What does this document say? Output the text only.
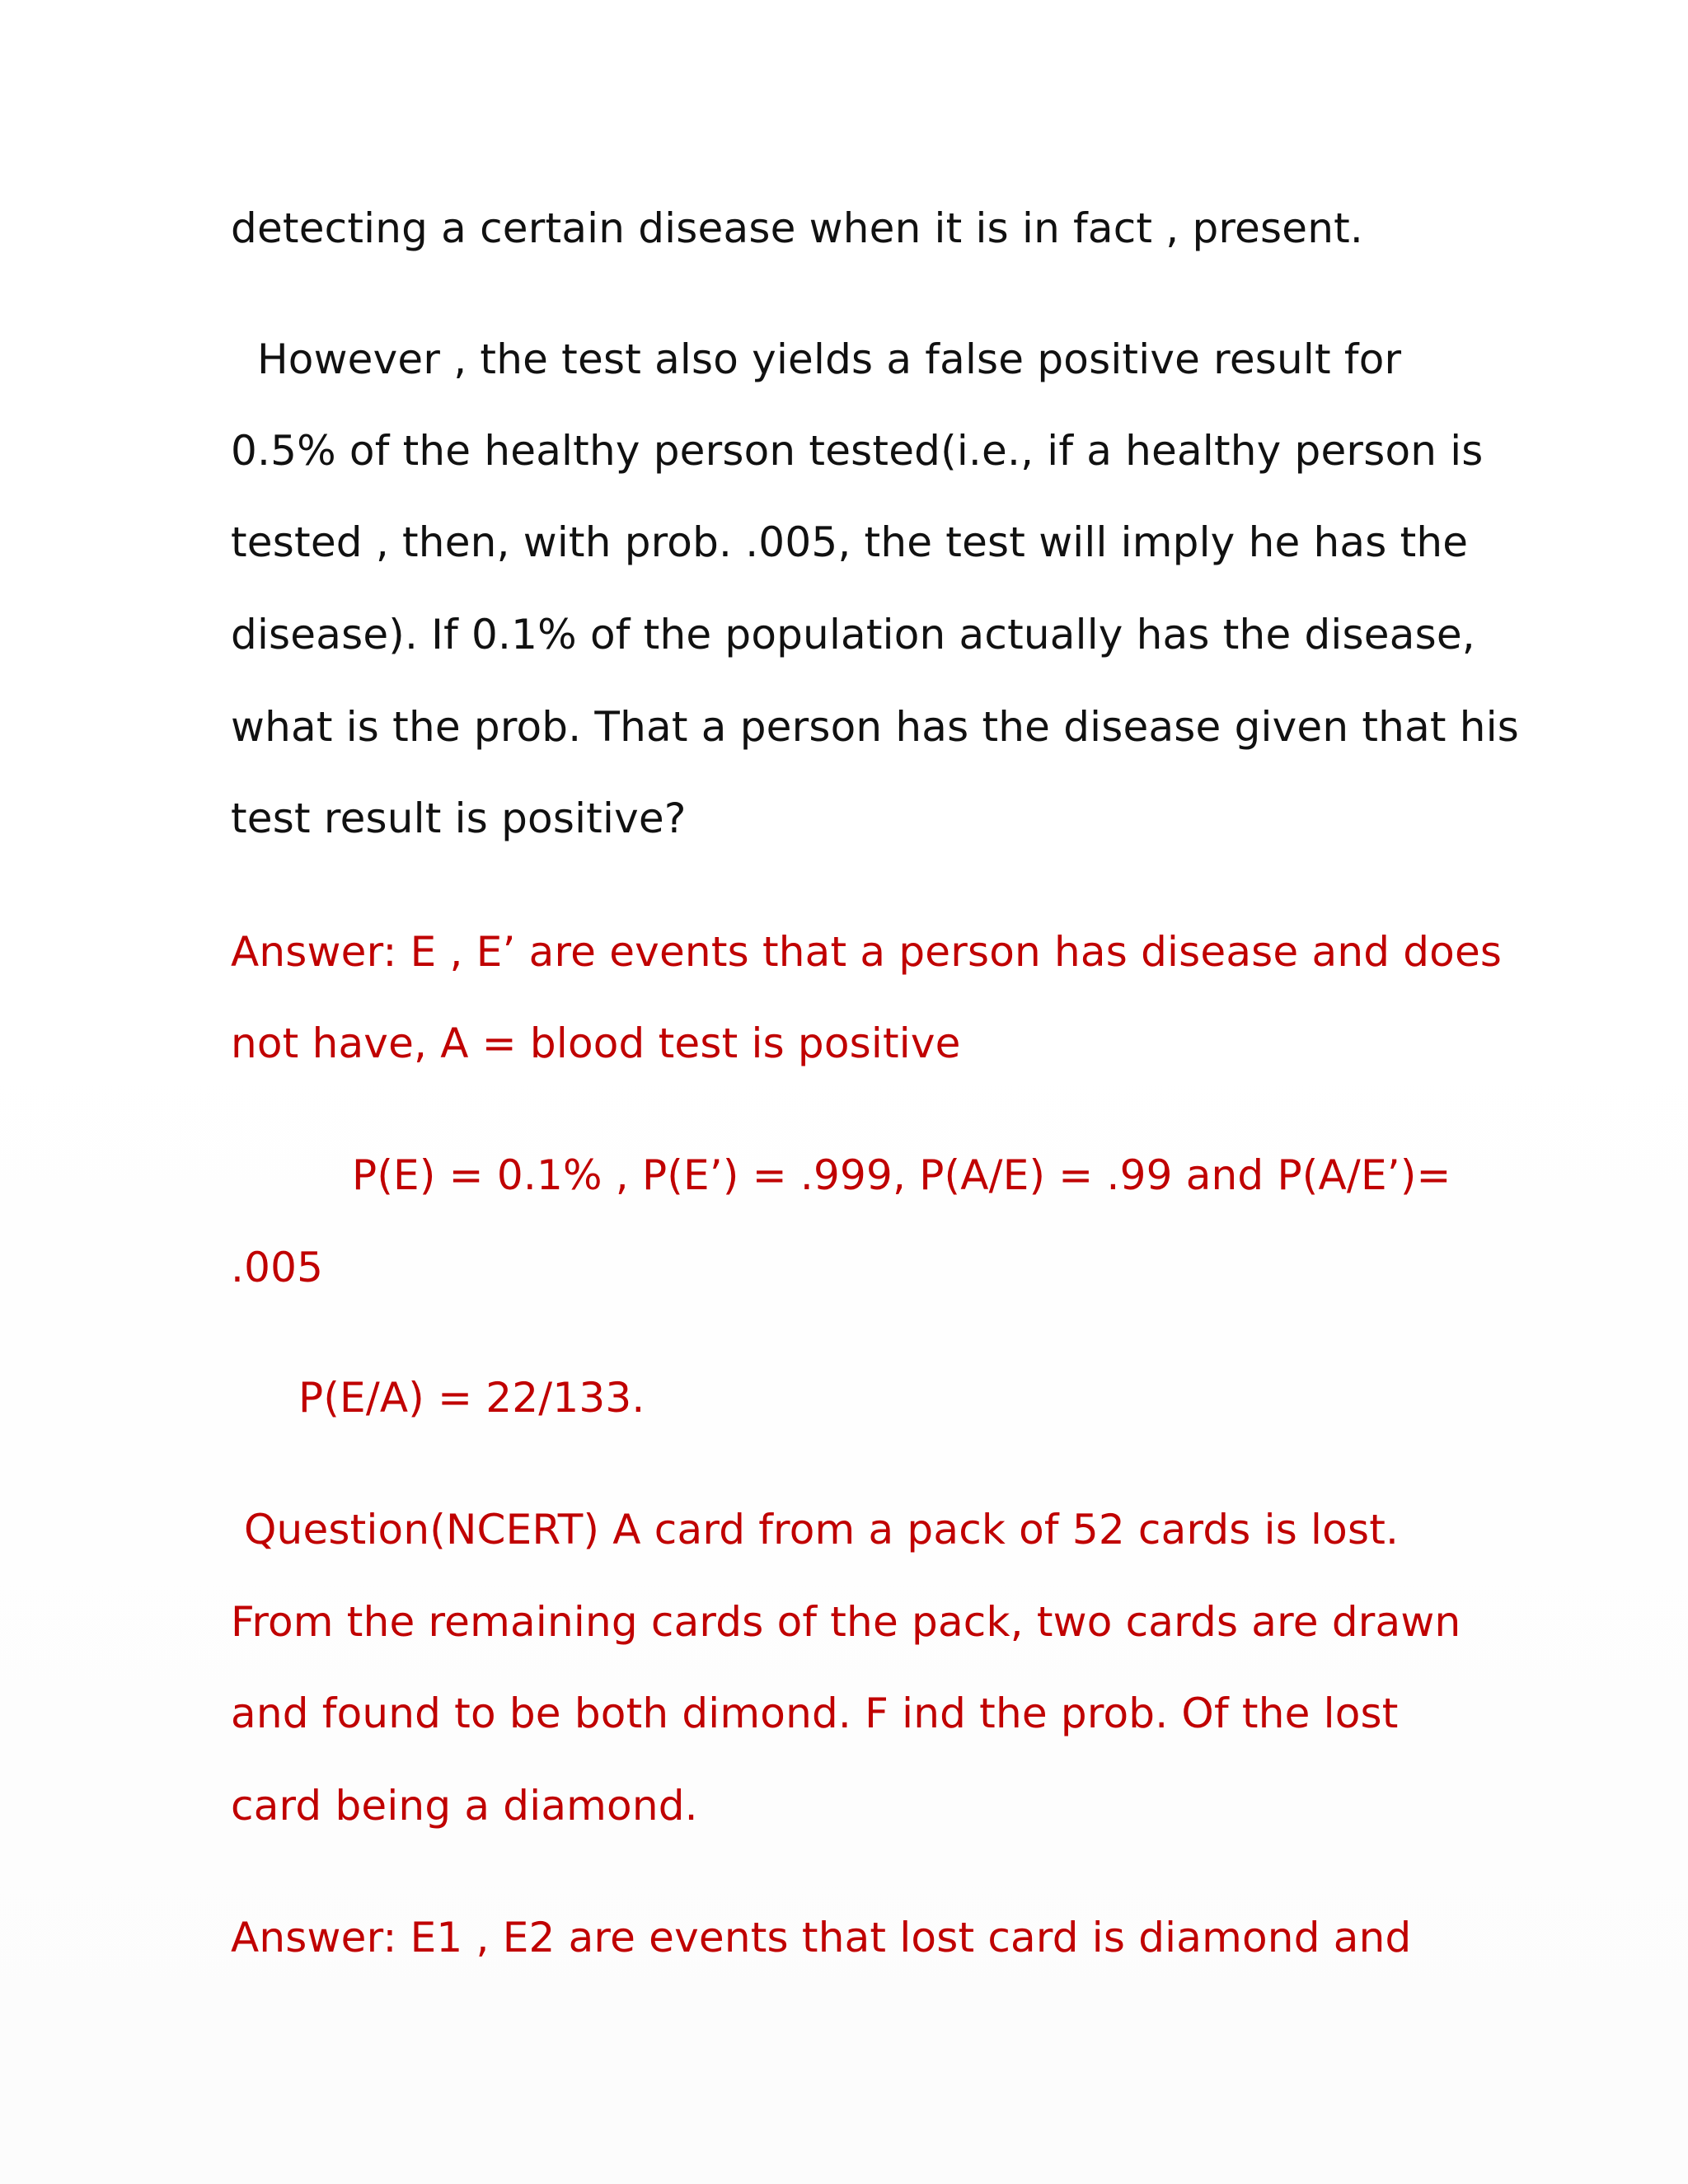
detecting a certain disease when it is in fact , present.
However , the test also yields a false positive result for
0.5% of the healthy person tested(i.e., if a healthy person is
tested , then, with prob. .005, the test will imply he has the
disease). If 0.1% of the population actually has the disease,
what is the prob. That a person has the disease given that his
test result is positive?
Answer: E , E’ are events that a person has disease and does
not have, A = blood test is positive
P(E) = 0.1% , P(E’) = .999, P(A/E) = .99 and P(A/E’)=
.005
P(E/A) = 22/133.
Question(NCERT) A card from a pack of 52 cards is lost.
From the remaining cards of the pack, two cards are drawn
and found to be both dimond. F ind the prob. Of the lost
card being a diamond.
Answer: E1 , E2 are events that lost card is diamond and
